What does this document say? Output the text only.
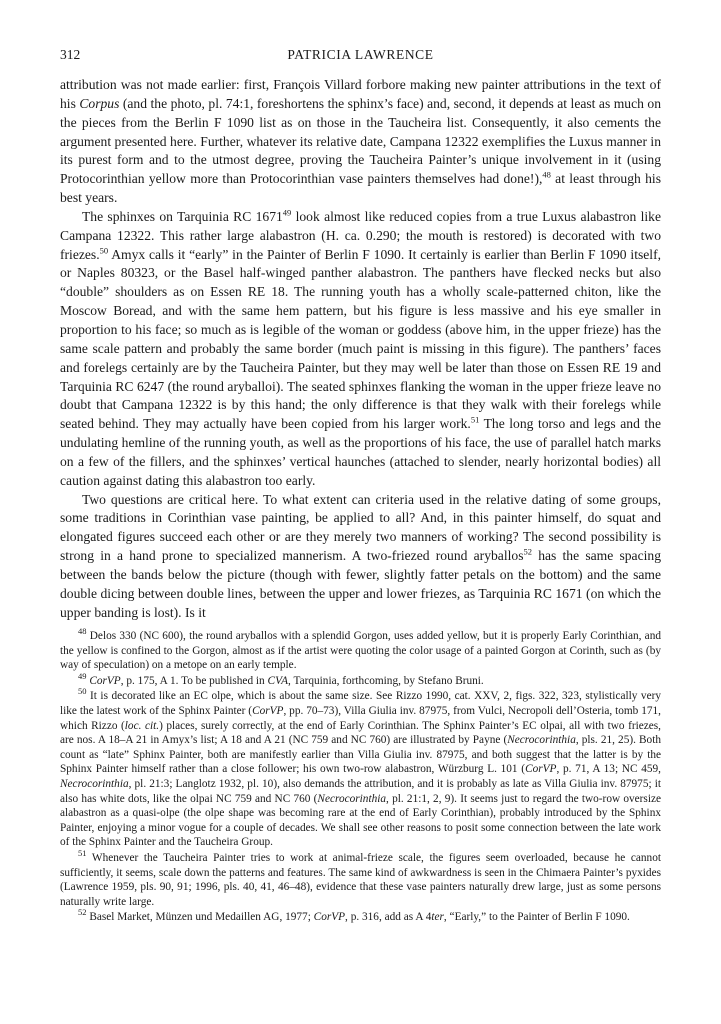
312	PATRICIA LAWRENCE

attribution was not made earlier: first, François Villard forbore making new painter attributions in the text of his Corpus (and the photo, pl. 74:1, foreshortens the sphinx’s face) and, second, it depends at least as much on the pieces from the Berlin F 1090 list as on those in the Taucheira list. Consequently, it also cements the argument presented here. Further, whatever its relative date, Campana 12322 exemplifies the Luxus manner in its purest form and to the utmost degree, proving the Taucheira Painter’s unique involvement in it (using Protocorinthian yellow more than Protocorinthian vase painters themselves had done!),$^{48}$ at least through his best years.

The sphinxes on Tarquinia RC 1671$^{49}$ look almost like reduced copies from a true Luxus alabastron like Campana 12322. This rather large alabastron (H. ca. 0.290; the mouth is restored) is decorated with two friezes.$^{50}$ Amyx calls it “early” in the Painter of Berlin F 1090. It certainly is earlier than Berlin F 1090 itself, or Naples 80323, or the Basel half-winged panther alabastron. The panthers have flecked necks but also “double” shoulders as on Essen RE 18. The running youth has a wholly scale-patterned chiton, like the Moscow Boread, and with the same hem pattern, but his figure is less massive and his eye smaller in proportion to his face; so much as is legible of the woman or goddess (above him, in the upper frieze) has the same scale pattern and probably the same border (much paint is missing in this figure). The panthers’ faces and forelegs certainly are by the Taucheira Painter, but they may well be later than those on Essen RE 19 and Tarquinia RC 6247 (the round aryballoi). The seated sphinxes flanking the woman in the upper frieze leave no doubt that Campana 12322 is by this hand; the only difference is that they walk with their forelegs while seated behind. They may actually have been copied from his larger work.$^{51}$ The long torso and legs and the undulating hemline of the running youth, as well as the proportions of his face, the use of parallel hatch marks on a few of the fillers, and the sphinxes’ vertical haunches (attached to slender, nearly horizontal bodies) all caution against dating this alabastron too early.

Two questions are critical here. To what extent can criteria used in the relative dating of some groups, some traditions in Corinthian vase painting, be applied to all? And, in this painter himself, do squat and elongated figures succeed each other or are they merely two manners of working? The second possibility is strong in a hand prone to specialized mannerism. A two-friezed round aryballos$^{52}$ has the same spacing between the bands below the picture (though with fewer, slightly fatter petals on the bottom) and the same double dicing between double lines, between the upper and lower friezes, as Tarquinia RC 1671 (on which the upper banding is lost). Is it

$^{48}$ Delos 330 (NC 600), the round aryballos with a splendid Gorgon, uses added yellow, but it is properly Early Corinthian, and the yellow is confined to the Gorgon, almost as if the artist were quoting the color usage of a painted Gorgon at Corinth, such as (by way of speculation) on a metope on an early temple.

$^{49}$ CorVP, p. 175, A 1. To be published in CVA, Tarquinia, forthcoming, by Stefano Bruni.

$^{50}$ It is decorated like an EC olpe, which is about the same size. See Rizzo 1990, cat. XXV, 2, figs. 322, 323, stylistically very like the latest work of the Sphinx Painter (CorVP, pp. 70–73), Villa Giulia inv. 87975, from Vulci, Necropoli dell’Osteria, tomb 171, which Rizzo (loc. cit.) places, surely correctly, at the end of Early Corinthian. The Sphinx Painter’s EC olpai, all with two friezes, are nos. A 18–A 21 in Amyx’s list; A 18 and A 21 (NC 759 and NC 760) are illustrated by Payne (Necrocorinthia, pls. 21, 25). Both count as “late” Sphinx Painter, both are manifestly earlier than Villa Giulia inv. 87975, and both suggest that the latter is by the Sphinx Painter himself rather than a close follower; his own two-row alabastron, Würzburg L. 101 (CorVP, p. 71, A 13; NC 459, Necrocorinthia, pl. 21:3; Langlotz 1932, pl. 10), also demands the attribution, and it is probably as late as Villa Giulia inv. 87975; it also has white dots, like the olpai NC 759 and NC 760 (Necrocorinthia, pl. 21:1, 2, 9). It seems just to regard the two-row oversize alabastron as a quasi-olpe (the olpe shape was becoming rare at the end of Early Corinthian), probably introduced by the Sphinx Painter, enjoying a minor vogue for a couple of decades. We shall see other reasons to posit some connection between the late work of the Sphinx Painter and the Taucheira Group.

$^{51}$ Whenever the Taucheira Painter tries to work at animal-frieze scale, the figures seem overloaded, because he cannot sufficiently, it seems, scale down the patterns and features. The same kind of awkwardness is seen in the Chimaera Painter’s pyxides (Lawrence 1959, pls. 90, 91; 1996, pls. 40, 41, 46–48), evidence that these vase painters naturally drew large, just as some persons naturally write large.

$^{52}$ Basel Market, Münzen und Medaillen AG, 1977; CorVP, p. 316, add as A 4ter, “Early,” to the Painter of Berlin F 1090.
